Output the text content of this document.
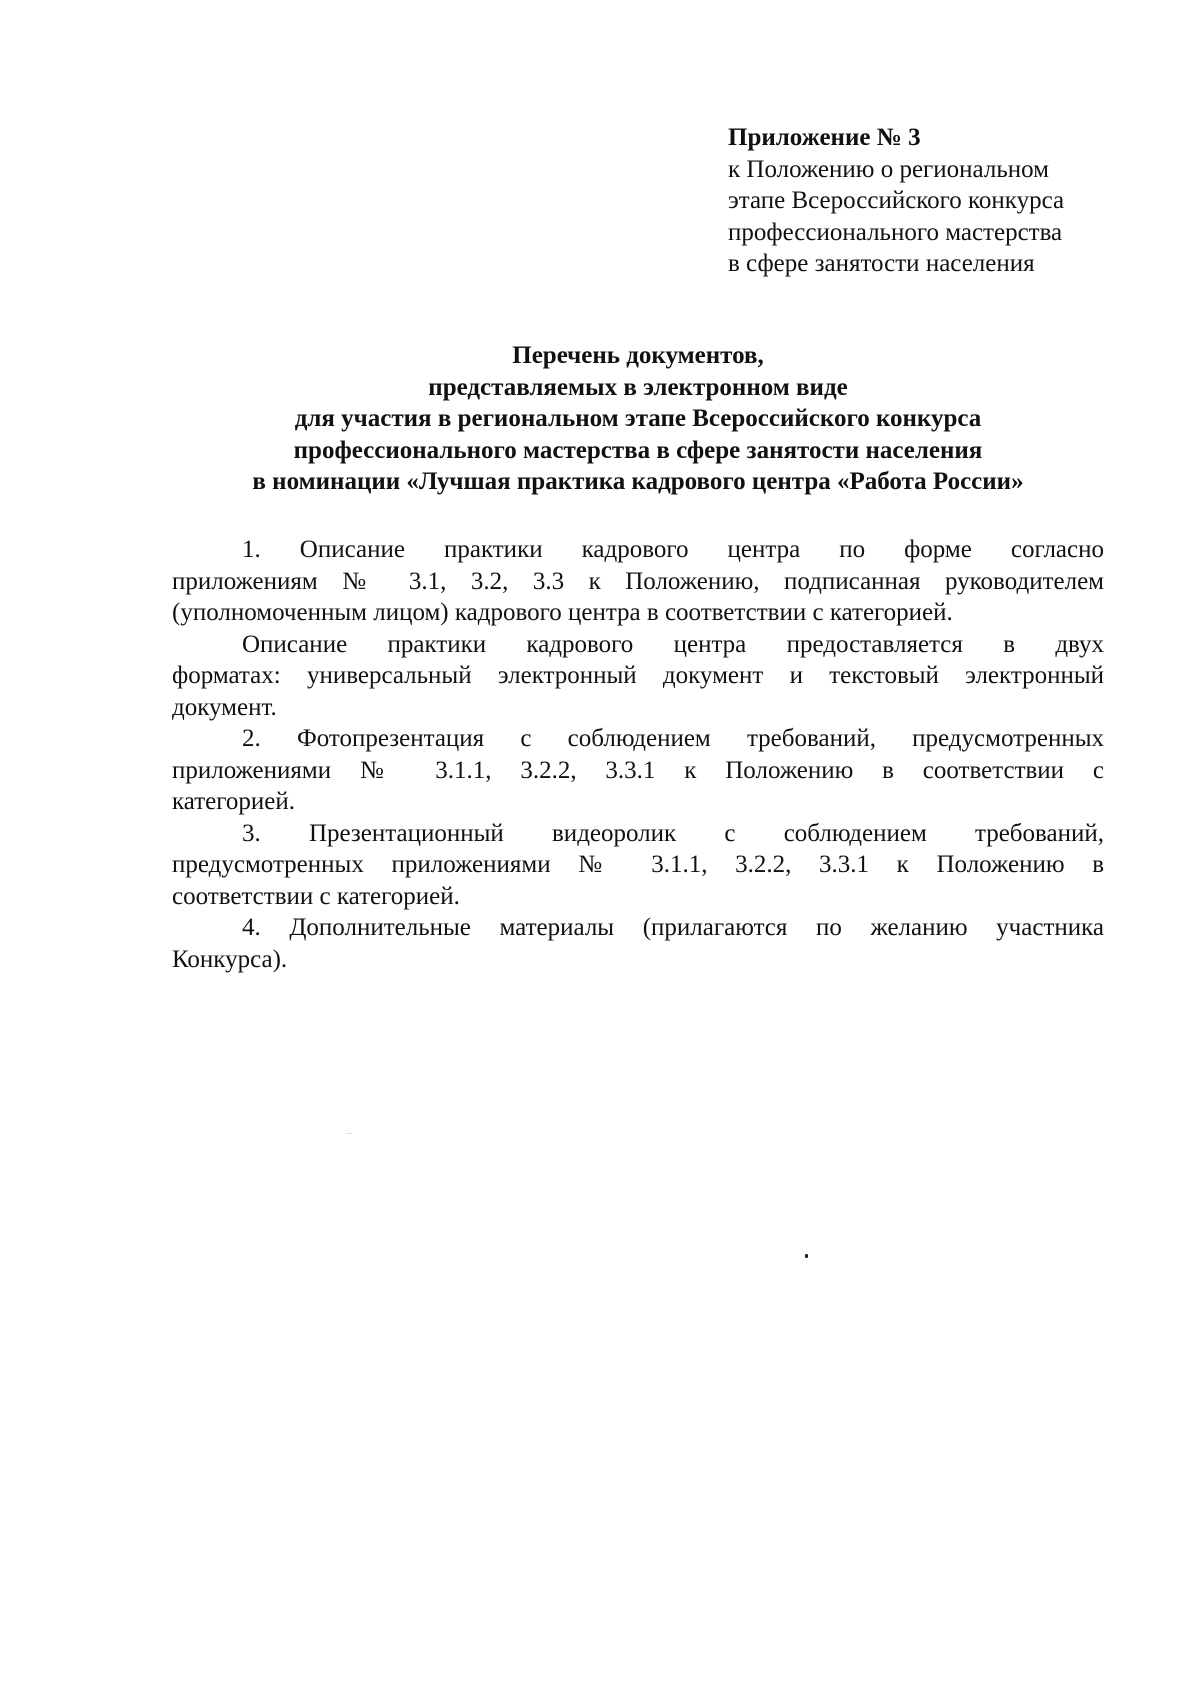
Приложение № 3
к Положению о региональном
этапе Всероссийского конкурса
профессионального мастерства
в сфере занятости населения
Перечень документов,
представляемых в электронном виде
для участия в региональном этапе Всероссийского конкурса
профессионального мастерства в сфере занятости населения
в номинации «Лучшая практика кадрового центра «Работа России»
1. Описание практики кадрового центра по форме согласно
приложениям № 3.1, 3.2, 3.3 к Положению, подписанная руководителем
(уполномоченным лицом) кадрового центра в соответствии с категорией.
Описание практики кадрового центра предоставляется в двух
форматах: универсальный электронный документ и текстовый электронный
документ.
2. Фотопрезентация с соблюдением требований, предусмотренных
приложениями № 3.1.1, 3.2.2, 3.3.1 к Положению в соответствии с
категорией.
3. Презентационный видеоролик с соблюдением требований,
предусмотренных приложениями № 3.1.1, 3.2.2, 3.3.1 к Положению в
соответствии с категорией.
4. Дополнительные материалы (прилагаются по желанию участника
Конкурса).
